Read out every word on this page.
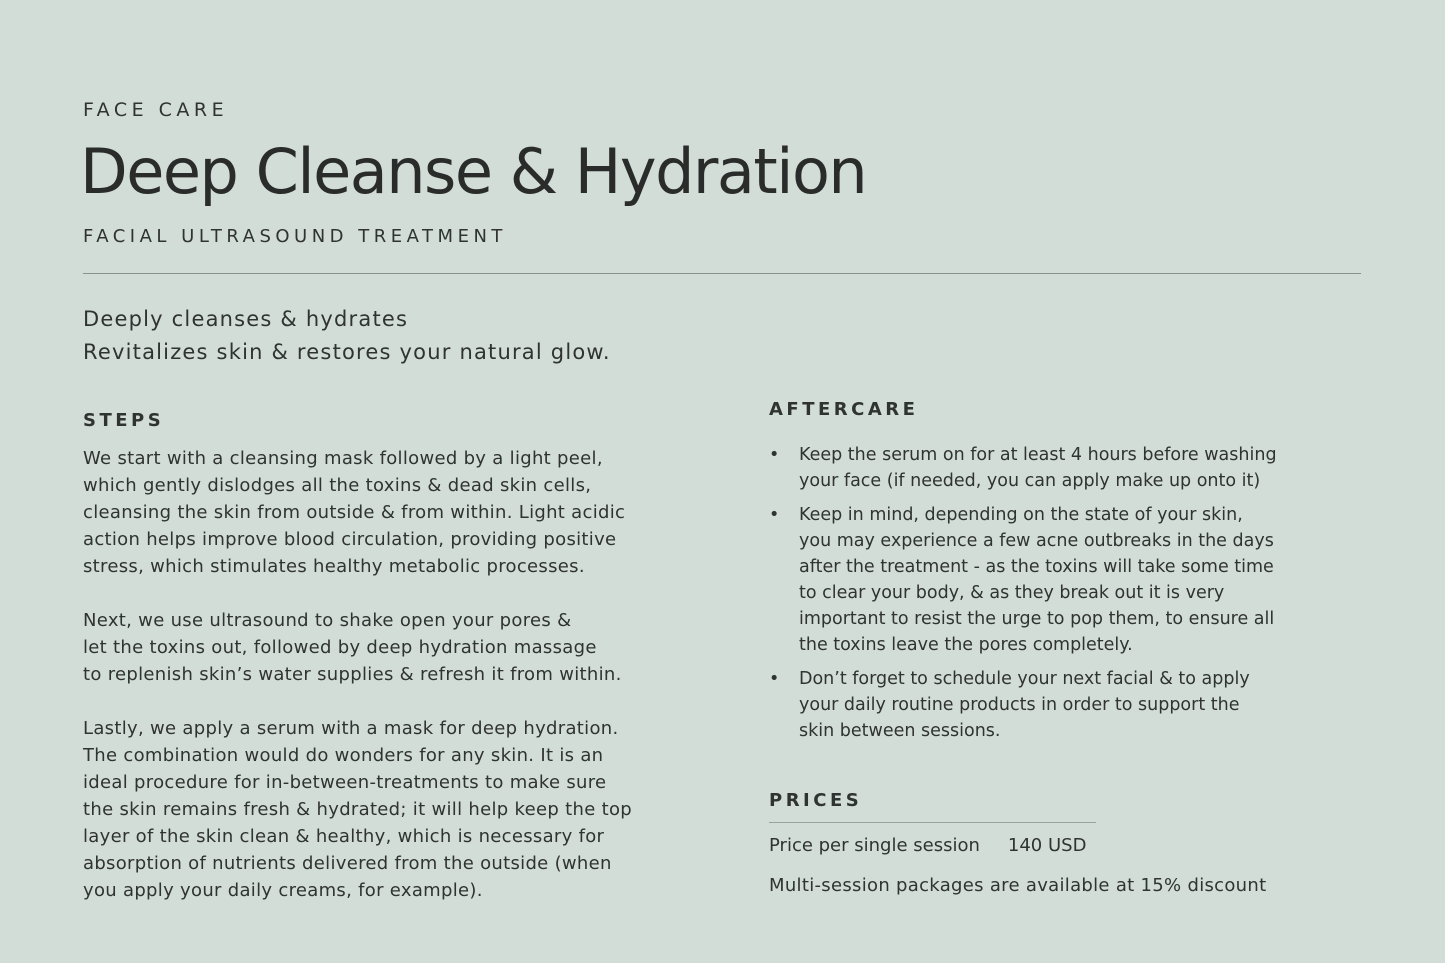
FACE CARE
Deep Cleanse & Hydration
FACIAL ULTRASOUND TREATMENT
Deeply cleanses & hydrates
Revitalizes skin & restores your natural glow.
STEPS

We start with a cleansing mask followed by a light peel,
which gently dislodges all the toxins & dead skin cells,
cleansing the skin from outside & from within. Light acidic
action helps improve blood circulation, providing positive
stress, which stimulates healthy metabolic processes.

Next, we use ultrasound to shake open your pores &
let the toxins out, followed by deep hydration massage
to replenish skin’s water supplies & refresh it from within.

Lastly, we apply a serum with a mask for deep hydration.
The combination would do wonders for any skin. It is an
ideal procedure for in-between-treatments to make sure
the skin remains fresh & hydrated; it will help keep the top
layer of the skin clean & healthy, which is necessary for
absorption of nutrients delivered from the outside (when
you apply your daily creams, for example).

AFTERCARE
• Keep the serum on for at least 4 hours before washing
your face (if needed, you can apply make up onto it)
• Keep in mind, depending on the state of your skin,
you may experience a few acne outbreaks in the days
after the treatment - as the toxins will take some time
to clear your body, & as they break out it is very
important to resist the urge to pop them, to ensure all
the toxins leave the pores completely.
• Don’t forget to schedule your next facial & to apply
your daily routine products in order to support the
skin between sessions.
PRICES
Price per single session 140 USD
Multi-session packages are available at 15% discount
